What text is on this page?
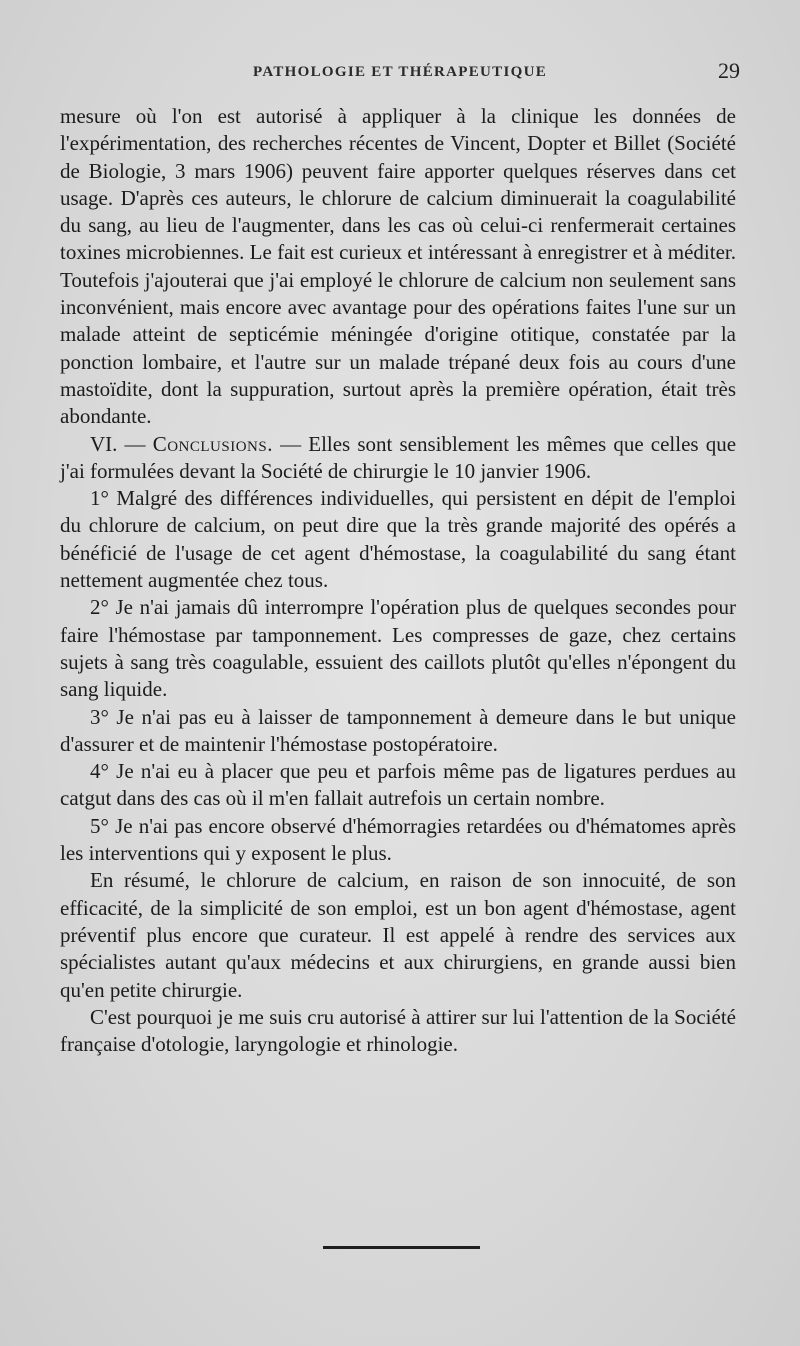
PATHOLOGIE ET THÉRAPEUTIQUE	29

mesure où l'on est autorisé à appliquer à la clinique les données de l'expérimentation, des recherches récentes de Vincent, Dopter et Billet (Société de Biologie, 3 mars 1906) peuvent faire apporter quelques réserves dans cet usage. D'après ces auteurs, le chlorure de calcium diminuerait la coagulabilité du sang, au lieu de l'augmenter, dans les cas où celui-ci renfermerait certaines toxines microbiennes. Le fait est curieux et intéressant à enregistrer et à méditer. Toutefois j'ajouterai que j'ai employé le chlorure de calcium non seulement sans inconvénient, mais encore avec avantage pour des opérations faites l'une sur un malade atteint de septicémie méningée d'origine otitique, constatée par la ponction lombaire, et l'autre sur un malade trépané deux fois au cours d'une mastoïdite, dont la suppuration, surtout après la première opération, était très abondante.

VI. — Conclusions. — Elles sont sensiblement les mêmes que celles que j'ai formulées devant la Société de chirurgie le 10 janvier 1906.

1° Malgré des différences individuelles, qui persistent en dépit de l'emploi du chlorure de calcium, on peut dire que la très grande majorité des opérés a bénéficié de l'usage de cet agent d'hémostase, la coagulabilité du sang étant nettement augmentée chez tous.

2° Je n'ai jamais dû interrompre l'opération plus de quelques secondes pour faire l'hémostase par tamponnement. Les compresses de gaze, chez certains sujets à sang très coagulable, essuient des caillots plutôt qu'elles n'épongent du sang liquide.

3° Je n'ai pas eu à laisser de tamponnement à demeure dans le but unique d'assurer et de maintenir l'hémostase postopératoire.

4° Je n'ai eu à placer que peu et parfois même pas de ligatures perdues au catgut dans des cas où il m'en fallait autrefois un certain nombre.

5° Je n'ai pas encore observé d'hémorragies retardées ou d'hématomes après les interventions qui y exposent le plus.

En résumé, le chlorure de calcium, en raison de son innocuité, de son efficacité, de la simplicité de son emploi, est un bon agent d'hémostase, agent préventif plus encore que curateur. Il est appelé à rendre des services aux spécialistes autant qu'aux médecins et aux chirurgiens, en grande aussi bien qu'en petite chirurgie.

C'est pourquoi je me suis cru autorisé à attirer sur lui l'attention de la Société française d'otologie, laryngologie et rhinologie.
